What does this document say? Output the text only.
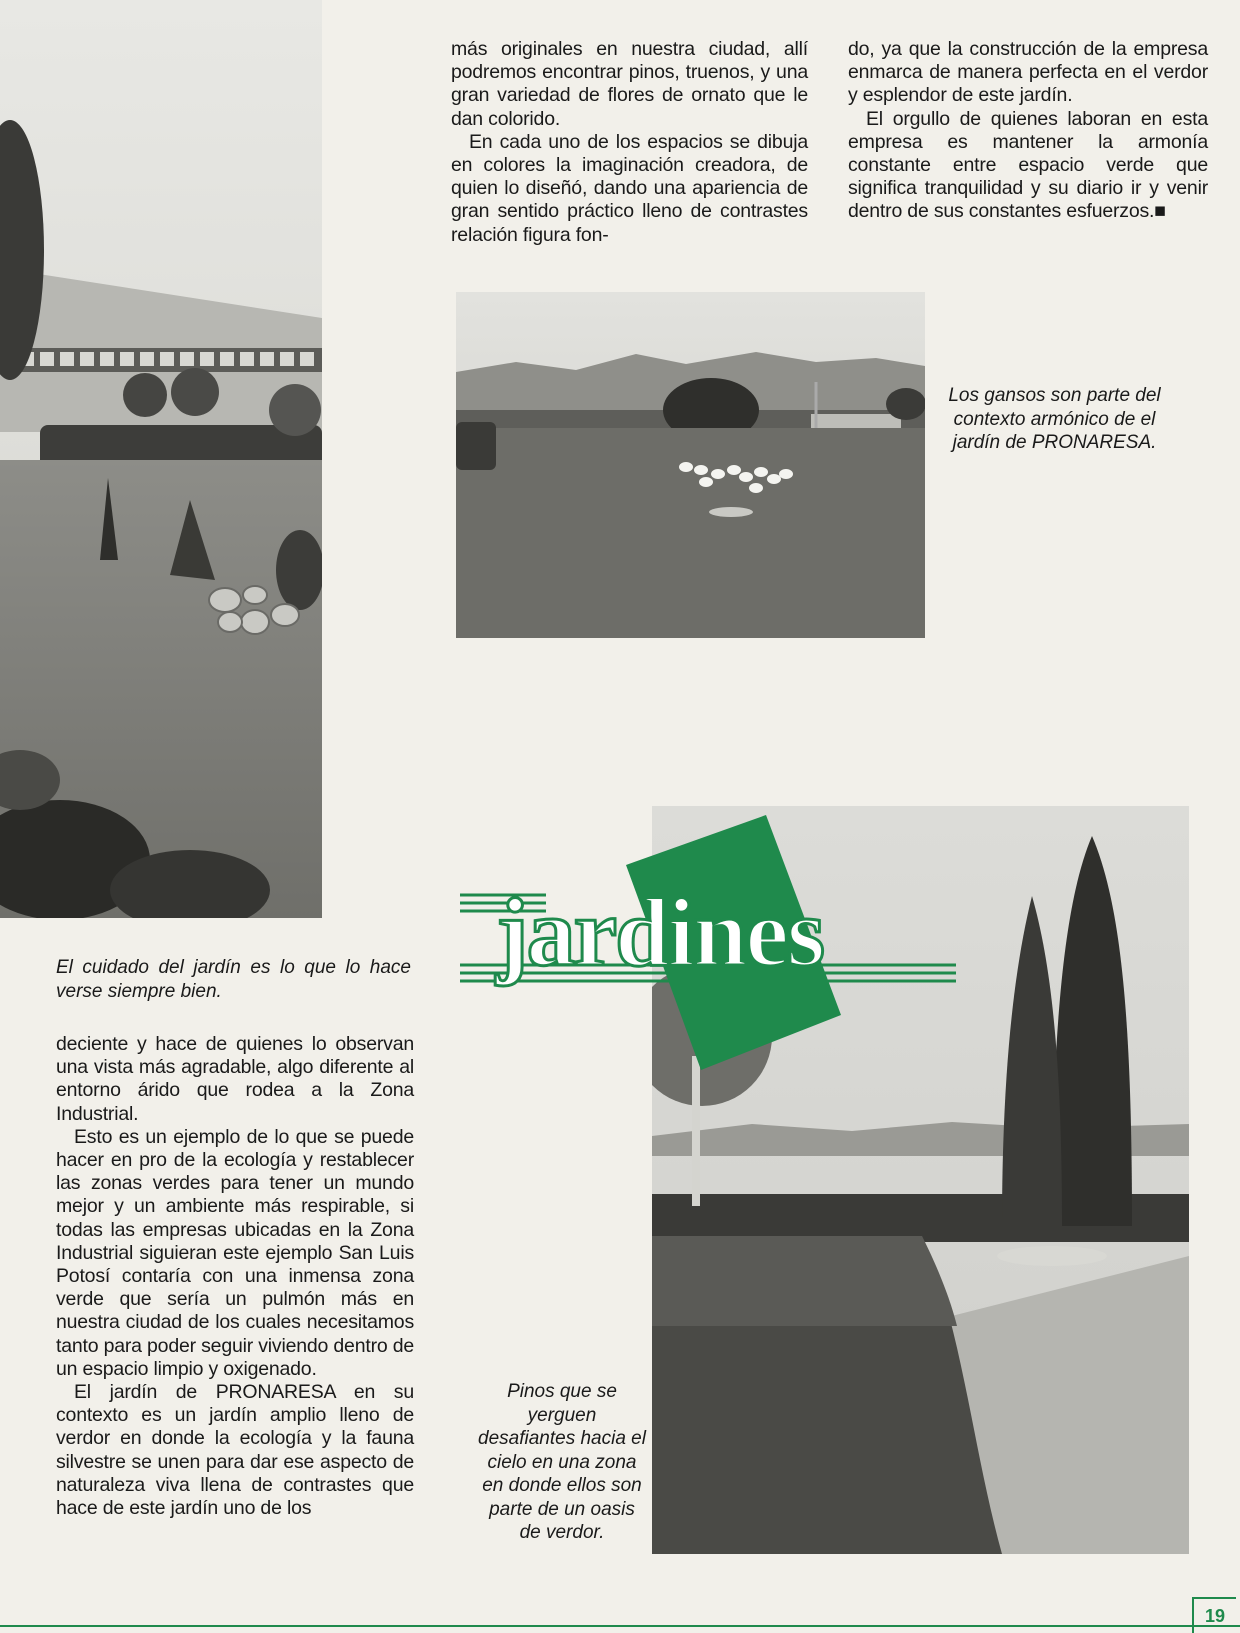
más originales en nuestra ciudad, allí podremos encontrar pinos, truenos, y una gran variedad de flores de ornato que le dan colorido.

En cada uno de los espacios se dibuja en colores la imaginación creadora, de quien lo diseñó, dando una apariencia de gran sentido práctico lleno de contrastes relación figura fon-

do, ya que la construcción de la empresa enmarca de manera perfecta en el verdor y esplendor de este jardín.

El orgullo de quienes laboran en esta empresa es mantener la armonía constante entre espacio verde que significa tranquilidad y su diario ir y venir dentro de sus constantes esfuerzos.■

Los gansos son parte del contexto armónico de el jardín de PRONARESA.
jardines
El cuidado del jardín es lo que lo hace verse siempre bien.

deciente y hace de quienes lo observan una vista más agradable, algo diferente al entorno árido que rodea a la Zona Industrial.

Esto es un ejemplo de lo que se puede hacer en pro de la ecología y restablecer las zonas verdes para tener un mundo mejor y un ambiente más respirable, si todas las empresas ubicadas en la Zona Industrial siguieran este ejemplo San Luis Potosí contaría con una inmensa zona verde que sería un pulmón más en nuestra ciudad de los cuales necesitamos tanto para poder seguir viviendo dentro de un espacio limpio y oxigenado.

El jardín de PRONARESA en su contexto es un jardín amplio lleno de verdor en donde la ecología y la fauna silvestre se unen para dar ese aspecto de naturaleza viva llena de contrastes que hace de este jardín uno de los

Pinos que se yerguen desafiantes hacia el cielo en una zona en donde ellos son parte de un oasis de verdor.
19
